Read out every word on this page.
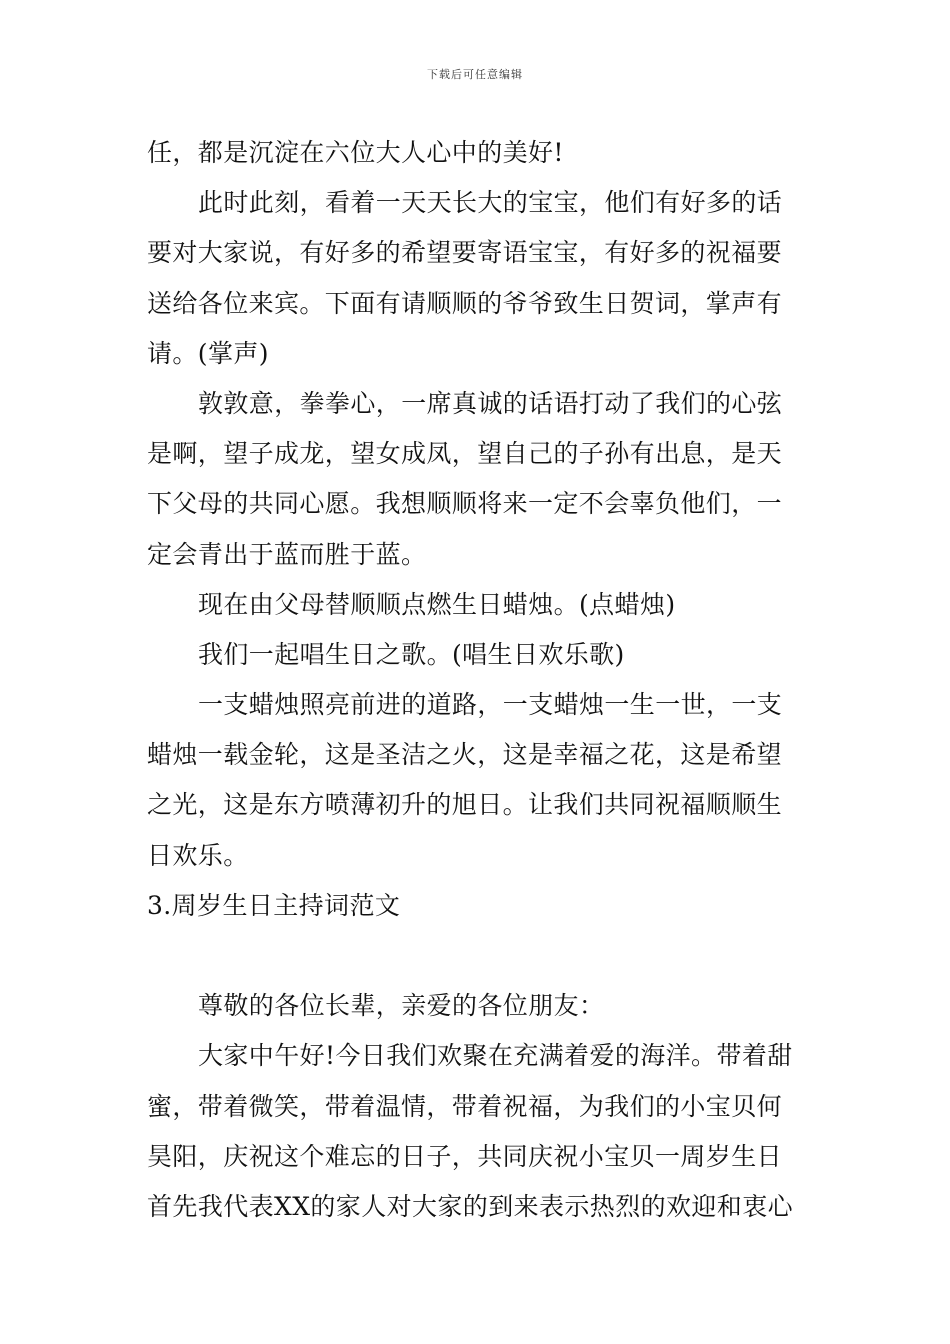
下载后可任意编辑
任，都是沉淀在六位大人心中的美好!
此时此刻，看着一天天长大的宝宝，他们有好多的话
要对大家说，有好多的希望要寄语宝宝，有好多的祝福要
送给各位来宾。下面有请顺顺的爷爷致生日贺词，掌声有
请。(掌声)
敦敦意，拳拳心，一席真诚的话语打动了我们的心弦
是啊，望子成龙，望女成凤，望自己的子孙有出息，是天
下父母的共同心愿。我想顺顺将来一定不会辜负他们，一
定会青出于蓝而胜于蓝。
现在由父母替顺顺点燃生日蜡烛。(点蜡烛)
我们一起唱生日之歌。(唱生日欢乐歌)
一支蜡烛照亮前进的道路，一支蜡烛一生一世，一支
蜡烛一载金轮，这是圣洁之火，这是幸福之花，这是希望
之光，这是东方喷薄初升的旭日。让我们共同祝福顺顺生
日欢乐。
3.周岁生日主持词范文
尊敬的各位长辈，亲爱的各位朋友：
大家中午好!今日我们欢聚在充满着爱的海洋。带着甜
蜜，带着微笑，带着温情，带着祝福，为我们的小宝贝何
昊阳，庆祝这个难忘的日子，共同庆祝小宝贝一周岁生日
首先我代表XX的家人对大家的到来表示热烈的欢迎和衷心
